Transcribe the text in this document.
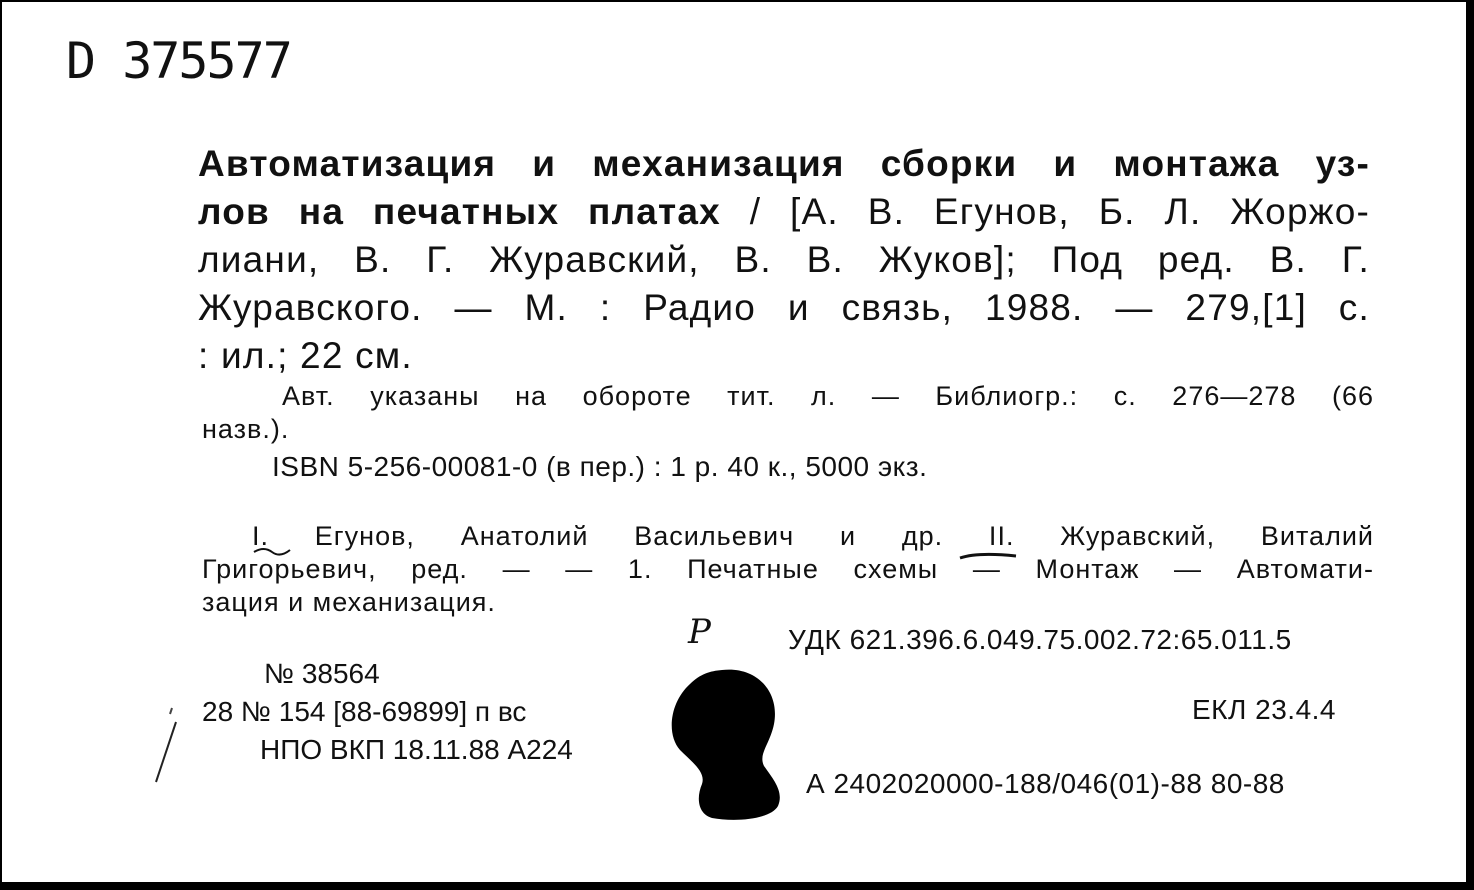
D 375577
Автоматизация и механизация сборки и монтажа уз-
лов на печатных платах / [А. В. Егунов, Б. Л. Жоржо-
лиани, В. Г. Журавский, В. В. Жуков]; Под ред. В. Г.
Журавского. — М. : Радио и связь, 1988. — 279,[1] с.
: ил.; 22 см.
Авт. указаны на обороте тит. л. — Библиогр.: с. 276—278 (66
назв.).
ISBN 5-256-00081-0 (в пер.) : 1 р. 40 к., 5000 экз.
I. Егунов, Анатолий Васильевич и др. II. Журавский, Виталий
Григорьевич, ред. — — 1. Печатные схемы — Монтаж — Автомати-
зация и механизация.
P	УДК 621.396.6.049.75.002.72:65.011.5
№ 38564
28 № 154 [88-69899] п вс
НПО ВКП 18.11.88 А224
ЕКЛ 23.4.4
А 2402020000-188/046(01)-88 80-88
